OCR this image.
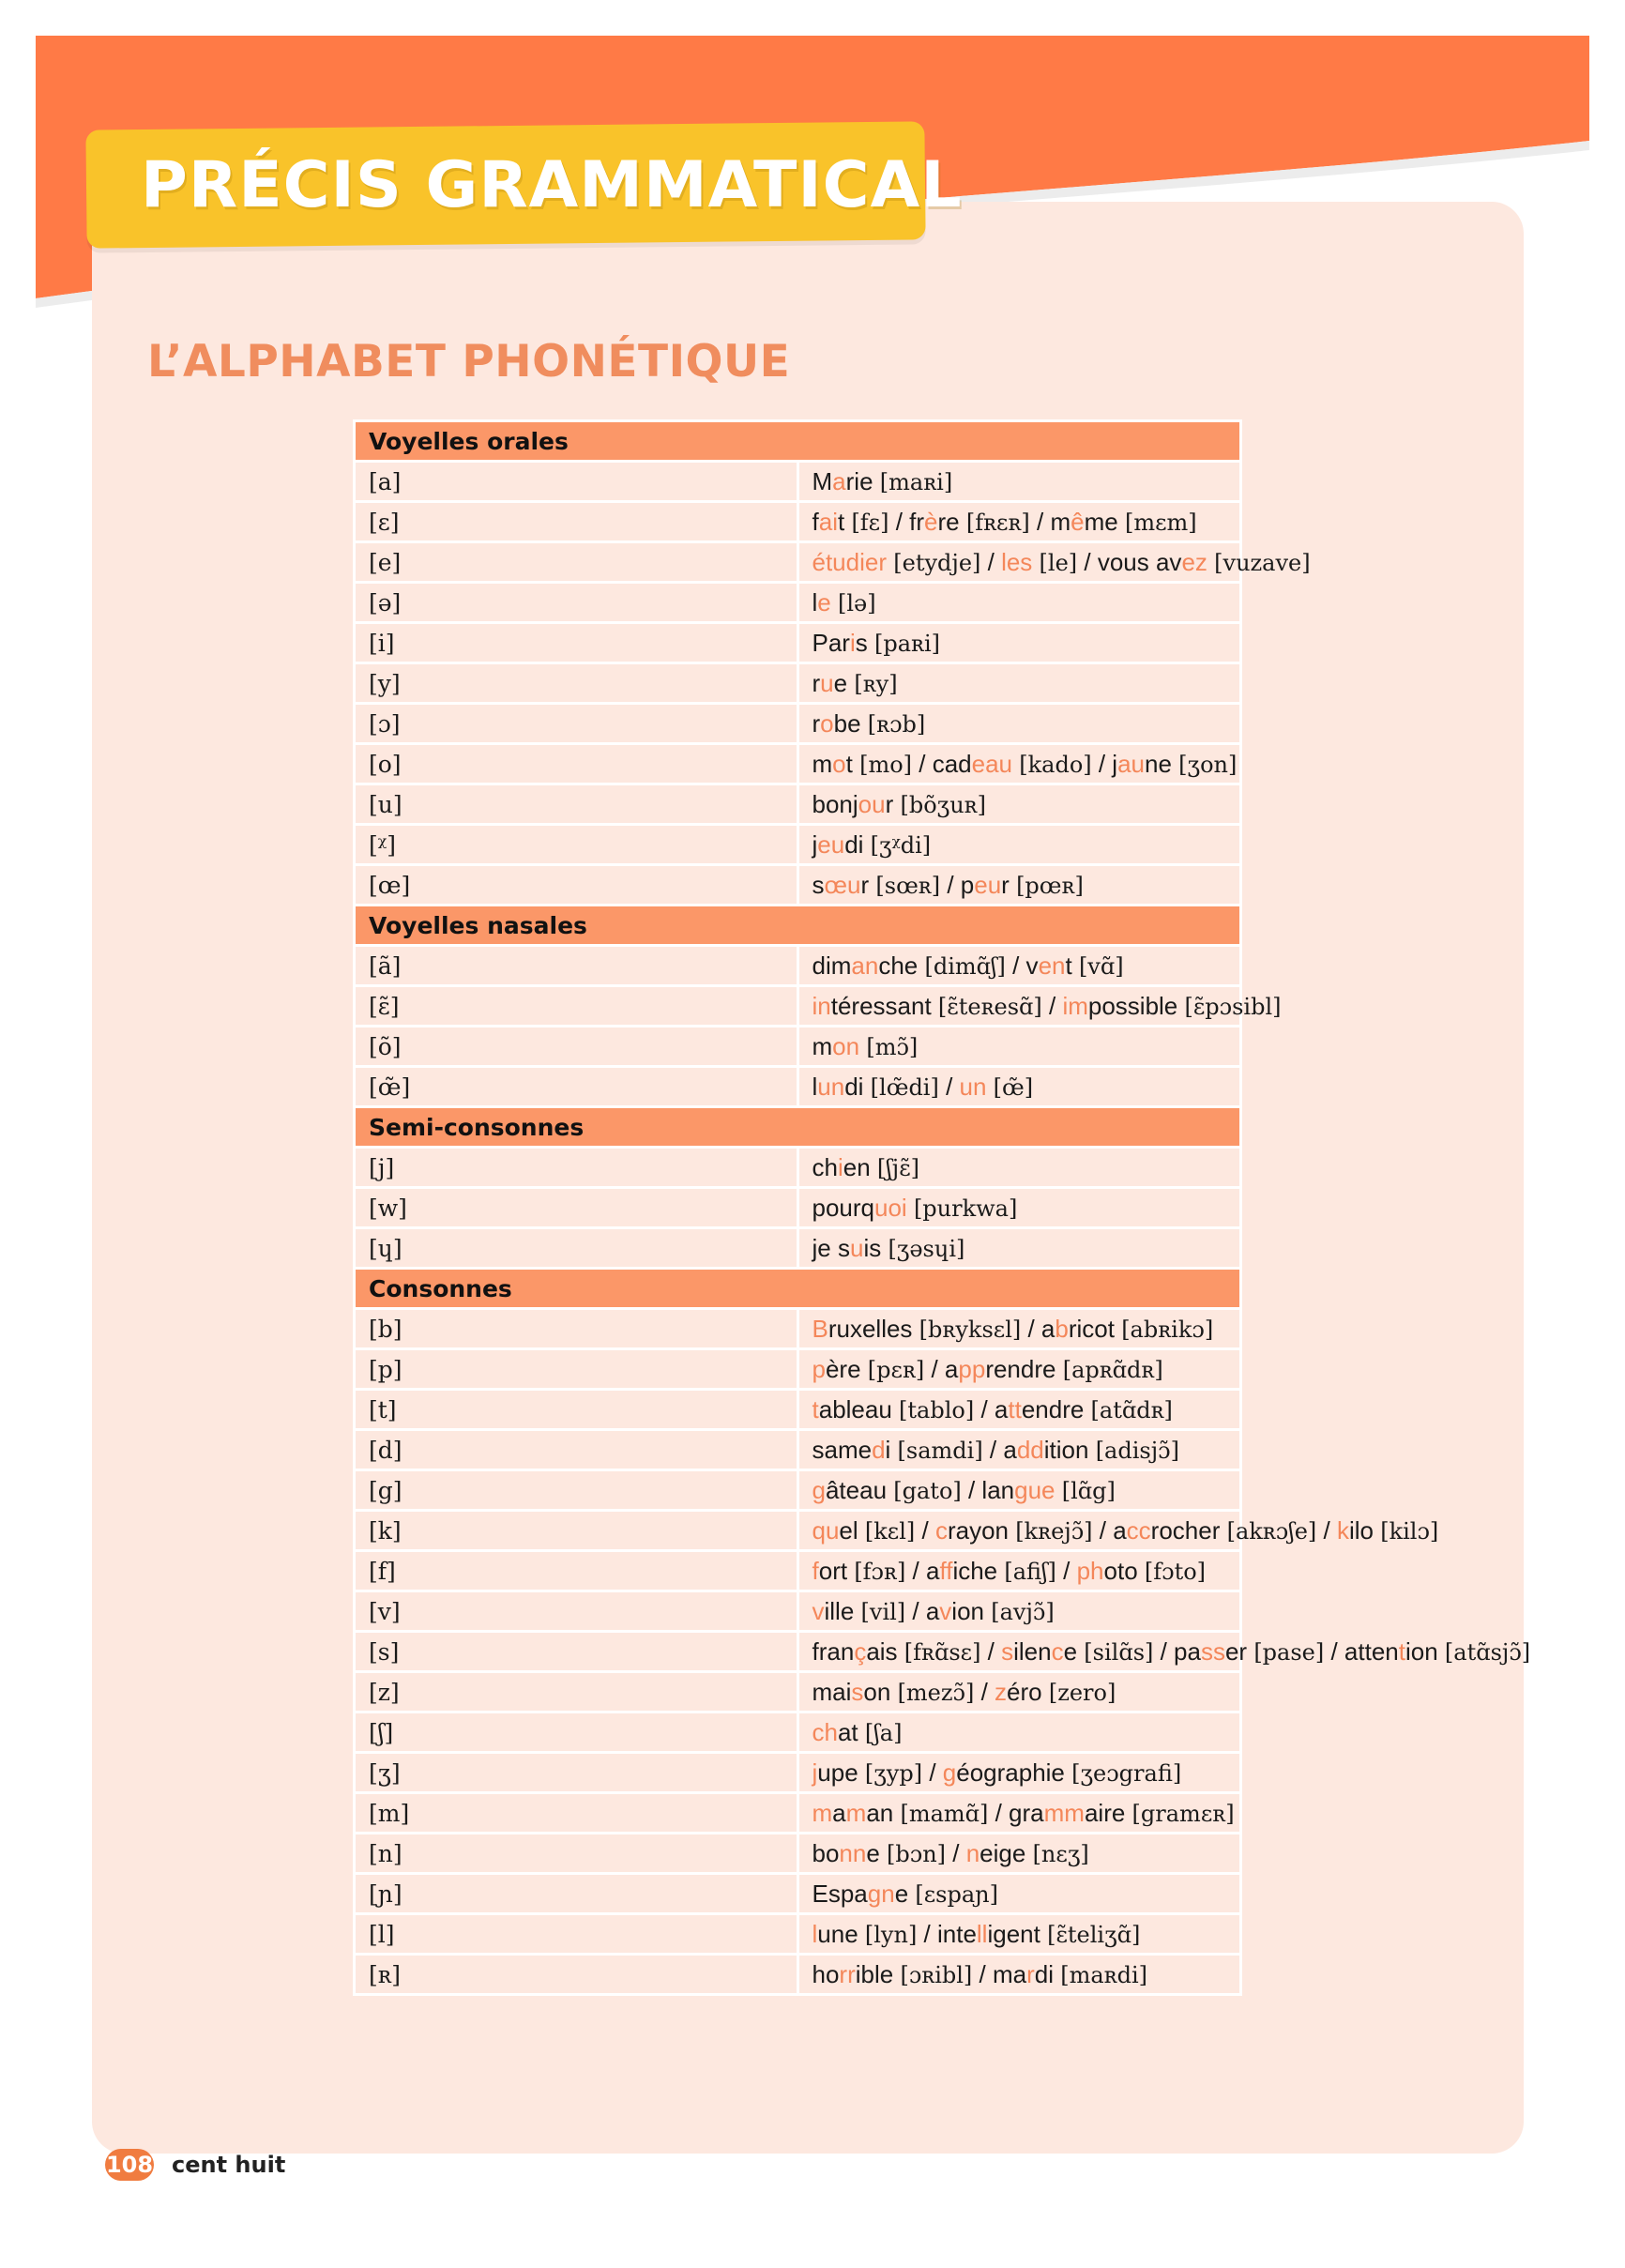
PRÉCIS GRAMMATICAL
L’ALPHABET PHONÉTIQUE
Voyelles orales	
[a]	Marie [maʀi]
[ɛ]	fait [fɛ] / frère [fʀɛʀ] / même [mɛm]
[e]	étudier [etydje] / les [le] / vous avez [vuzave]
[ə]	le [lə]
[i]	Paris [paʀi]
[y]	rue [ʀy]
[ɔ]	robe [ʀɔb]
[o]	mot [mo] / cadeau [kado] / jaune [ʒon]
[u]	bonjour [bõʒuʀ]
[ᵡ]	jeudi [ʒᵡdi]
[œ]	sœur [sœʀ] / peur [pœʀ]
Voyelles nasales	
[ã]	dimanche [dimɑ̃ʃ] / vent [vɑ̃]
[ɛ̃]	intéressant [ɛ̃teʀesɑ̃] / impossible [ɛ̃pɔsibl]
[õ]	mon [mɔ̃]
[œ̃]	lundi [lœ̃di] / un [œ̃]
Semi-consonnes	
[j]	chien [ʃjɛ̃]
[w]	pourquoi [purkwa]
[ɥ]	je suis [ʒəsɥi]
Consonnes	
[b]	Bruxelles [bʀyksɛl] / abricot [abʀikɔ]
[p]	père [pɛʀ] / apprendre [apʀɑ̃dʀ]
[t]	tableau [tablo] / attendre [atɑ̃dʀ]
[d]	samedi [samdi] / addition [adisjɔ̃]
[g]	gâteau [gato] / langue [lɑ̃g]
[k]	quel [kɛl] / crayon [kʀejɔ̃] / accrocher [akʀɔʃe] / kilo [kilɔ]
[f]	fort [fɔʀ] / affiche [afiʃ] / photo [fɔto]
[v]	ville [vil] / avion [avjɔ̃]
[s]	français [fʀɑ̃sɛ] / silence [silɑ̃s] / passer [pase] / attention [atɑ̃sjɔ̃]
[z]	maison [mezɔ̃] / zéro [zero]
[ʃ]	chat [ʃa]
[ʒ]	jupe [ʒyp] / géographie [ʒeɔgrafi]
[m]	maman [mamɑ̃] / grammaire [gramɛʀ]
[n]	bonne [bɔn] / neige [nɛʒ]
[ɲ]	Espagne [ɛspaɲ]
[l]	lune [lyn] / intelligent [ɛ̃teliʒɑ̃]
[ʀ]	horrible [ɔʀibl] / mardi [maʀdi]
108 cent huit
